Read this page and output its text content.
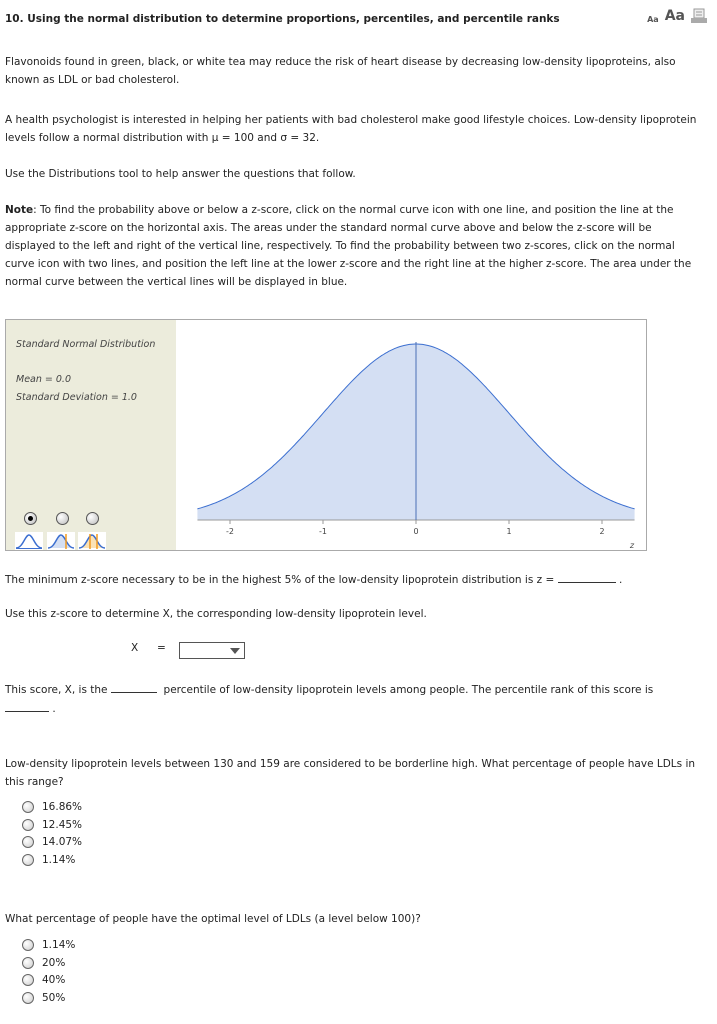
10. Using the normal distribution to determine proportions, percentiles, and percentile ranks	Aa Aa
Flavonoids found in green, black, or white tea may reduce the risk of heart disease by decreasing low-density lipoproteins, also known as LDL or bad cholesterol.
A health psychologist is interested in helping her patients with bad cholesterol make good lifestyle choices. Low-density lipoprotein levels follow a normal distribution with μ = 100 and σ = 32.
Use the Distributions tool to help answer the questions that follow.
Note: To find the probability above or below a z-score, click on the normal curve icon with one line, and position the line at the appropriate z-score on the horizontal axis. The areas under the standard normal curve above and below the z-score will be displayed to the left and right of the vertical line, respectively. To find the probability between two z-scores, click on the normal curve icon with two lines, and position the left line at the lower z-score and the right line at the higher z-score. The area under the normal curve between the vertical lines will be displayed in blue.
Standard Normal Distribution
Mean = 0.0
Standard Deviation = 1.0
-2	-1	0	1	2
z
The minimum z-score necessary to be in the highest 5% of the low-density lipoprotein distribution is z =	.
Use this z-score to determine X, the corresponding low-density lipoprotein level.
X =
This score, X, is the	percentile of low-density lipoprotein levels among people. The percentile rank of this score is
.
Low-density lipoprotein levels between 130 and 159 are considered to be borderline high. What percentage of people have LDLs in this range?
What percentage of people have the optimal level of LDLs (a level below 100)?
16.86%
12.45%
14.07%
1.14%
1.14%
20%
40%
50%
